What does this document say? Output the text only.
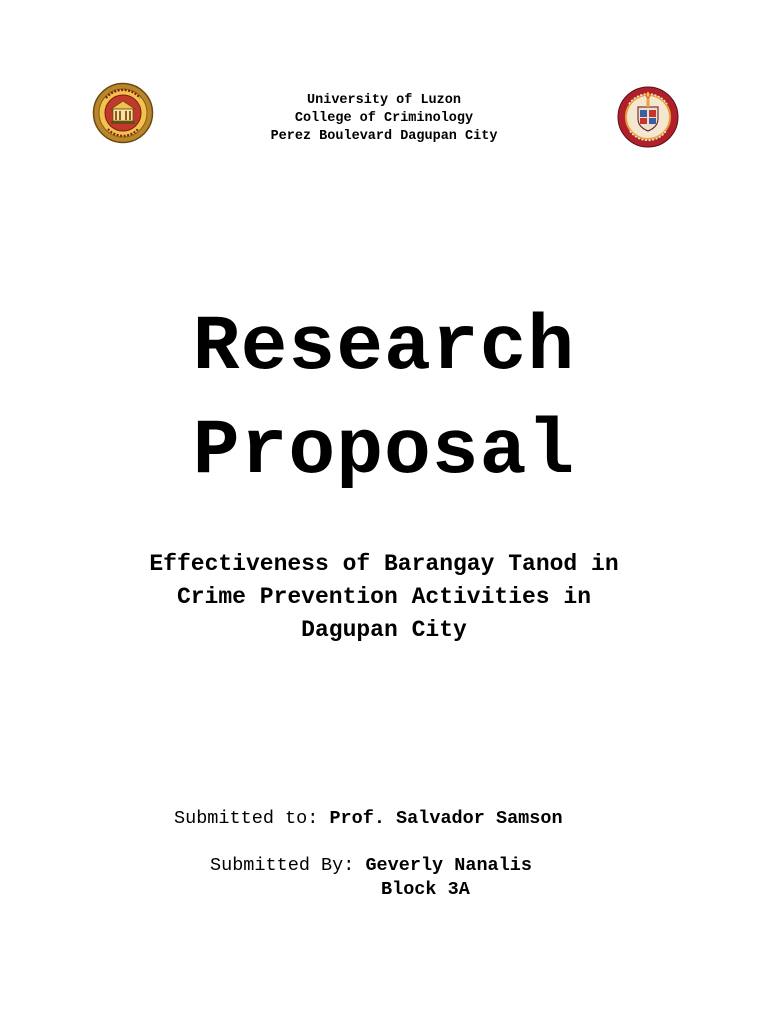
University of Luzon
College of Criminology
Perez Boulevard Dagupan City
Research
Proposal
Effectiveness of Barangay Tanod in
Crime Prevention Activities in
Dagupan City
Submitted to: Prof. Salvador Samson
Submitted By: Geverly Nanalis
Block 3A
